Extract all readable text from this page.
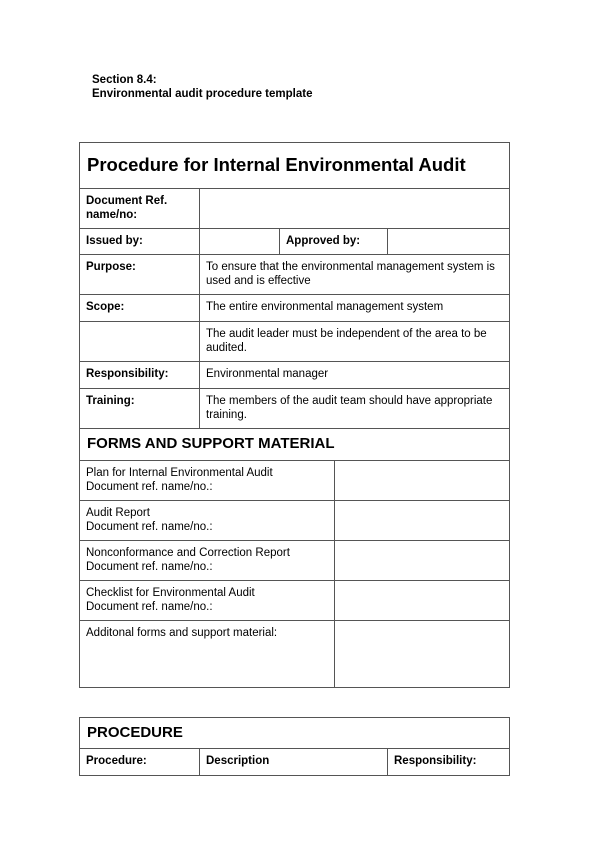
Section 8.4:
Environmental audit procedure template
Procedure for Internal Environmental Audit				
Document Ref. name/no:				
Issued by:		Approved by:		
Purpose:	To ensure that the environmental management system is used and is effective			
Scope:	The entire environmental management system			
	The audit leader must be independent of the area to be audited.			
Responsibility:	Environmental manager			
Training:	The members of the audit team should have appropriate training.			
FORMS AND SUPPORT MATERIAL				
Plan for Internal Environmental Audit
Document ref. name/no.:				
Audit Report
Document ref. name/no.:				
Nonconformance and Correction Report
Document ref. name/no.:				
Checklist for Environmental Audit
Document ref. name/no.:				
Additonal forms and support material:				
PROCEDURE
Procedure:	Description	Responsibility:
